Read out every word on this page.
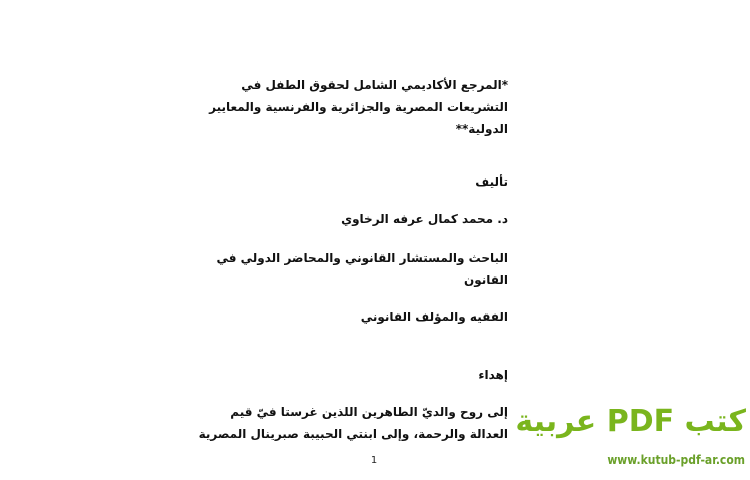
*المرجع الأكاديمي الشامل لحقوق الطفل في
التشريعات المصرية والجزائرية والفرنسية والمعايير
الدولية**
تأليف
د. محمد كمال عرفه الرخاوي
الباحث والمستشار القانوني والمحاضر الدولي في
القانون
الفقيه والمؤلف القانوني
إهداء
إلى روح والديّ الطاهرين اللذين غرستا فيّ قيم
العدالة والرحمة، وإلى ابنتي الحبيبة صبرينال المصرية
1
كتب PDF عربية
www.kutub-pdf-ar.com
